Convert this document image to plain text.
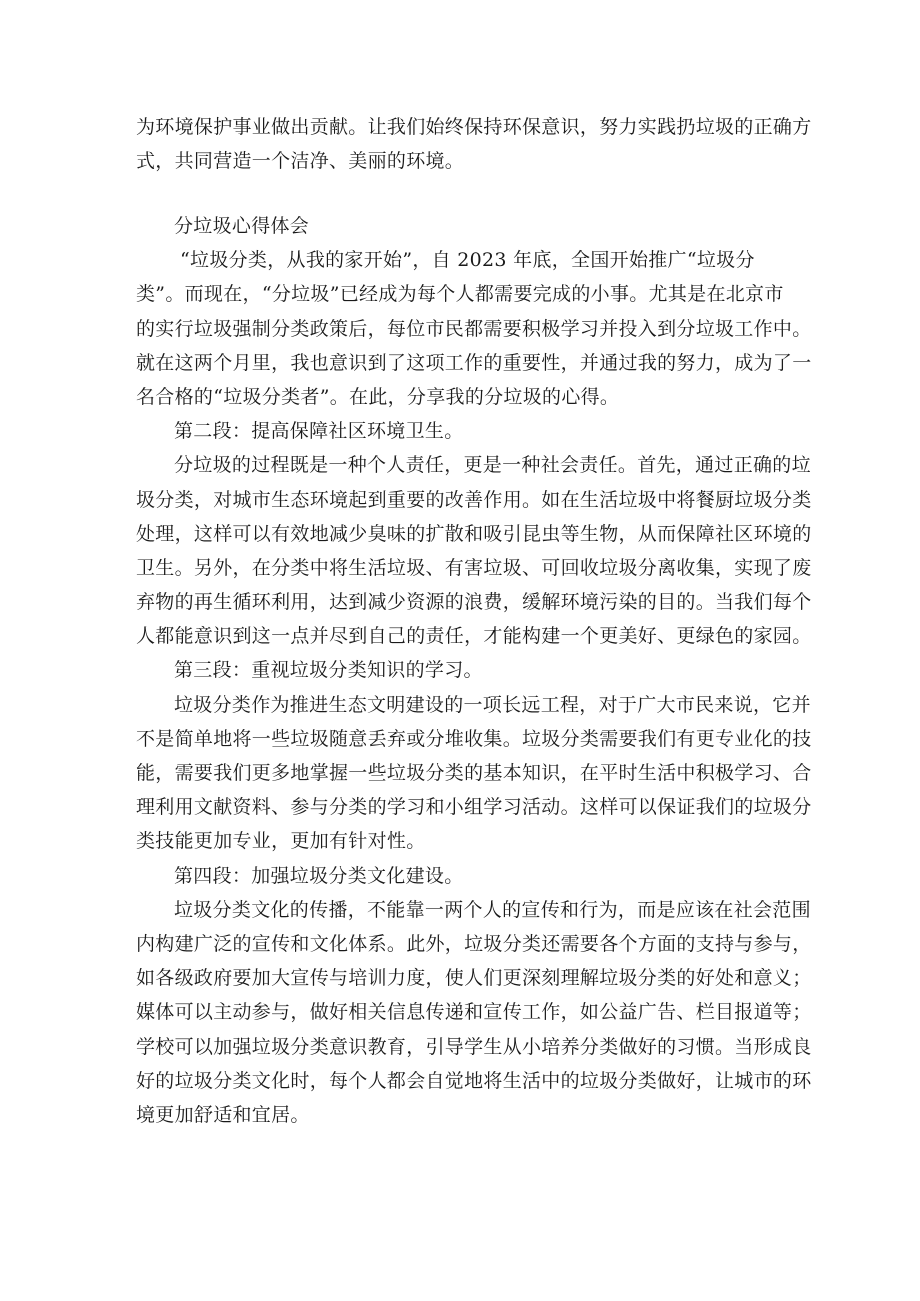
为环境保护事业做出贡献。让我们始终保持环保意识，努力实践扔垃圾的正确方
式，共同营造一个洁净、美丽的环境。
分垃圾心得体会
“垃圾分类，从我的家开始”，自 2023 年底，全国开始推广“垃圾分
类”。而现在，“分垃圾”已经成为每个人都需要完成的小事。尤其是在北京市
的实行垃圾强制分类政策后，每位市民都需要积极学习并投入到分垃圾工作中。
就在这两个月里，我也意识到了这项工作的重要性，并通过我的努力，成为了一
名合格的“垃圾分类者”。在此，分享我的分垃圾的心得。
第二段：提高保障社区环境卫生。
分垃圾的过程既是一种个人责任，更是一种社会责任。首先，通过正确的垃
圾分类，对城市生态环境起到重要的改善作用。如在生活垃圾中将餐厨垃圾分类
处理，这样可以有效地减少臭味的扩散和吸引昆虫等生物，从而保障社区环境的
卫生。另外，在分类中将生活垃圾、有害垃圾、可回收垃圾分离收集，实现了废
弃物的再生循环利用，达到减少资源的浪费，缓解环境污染的目的。当我们每个
人都能意识到这一点并尽到自己的责任，才能构建一个更美好、更绿色的家园。
第三段：重视垃圾分类知识的学习。
垃圾分类作为推进生态文明建设的一项长远工程，对于广大市民来说，它并
不是简单地将一些垃圾随意丢弃或分堆收集。垃圾分类需要我们有更专业化的技
能，需要我们更多地掌握一些垃圾分类的基本知识，在平时生活中积极学习、合
理利用文献资料、参与分类的学习和小组学习活动。这样可以保证我们的垃圾分
类技能更加专业，更加有针对性。
第四段：加强垃圾分类文化建设。
垃圾分类文化的传播，不能靠一两个人的宣传和行为，而是应该在社会范围
内构建广泛的宣传和文化体系。此外，垃圾分类还需要各个方面的支持与参与，
如各级政府要加大宣传与培训力度，使人们更深刻理解垃圾分类的好处和意义；
媒体可以主动参与，做好相关信息传递和宣传工作，如公益广告、栏目报道等；
学校可以加强垃圾分类意识教育，引导学生从小培养分类做好的习惯。当形成良
好的垃圾分类文化时，每个人都会自觉地将生活中的垃圾分类做好，让城市的环
境更加舒适和宜居。
